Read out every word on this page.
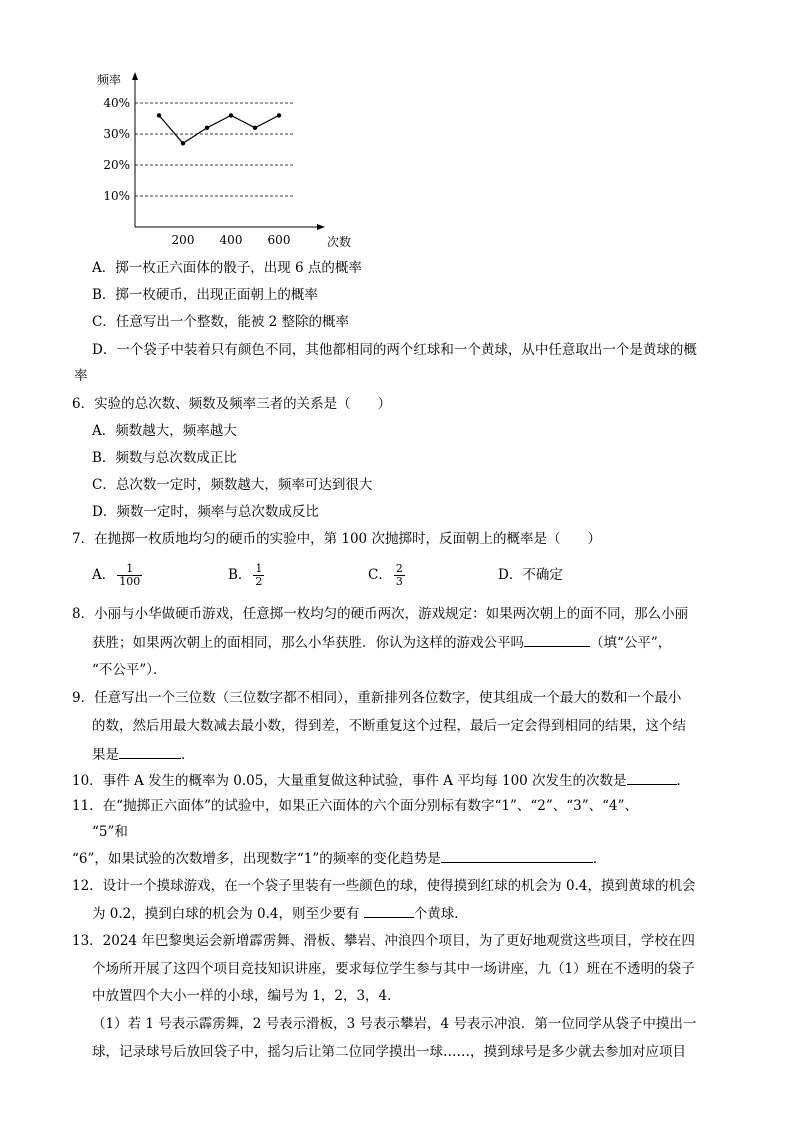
10%
20%
30%
40%
频率
次数
200 400 600
A．掷一枚正六面体的骰子，出现 6 点的概率
B．掷一枚硬币，出现正面朝上的概率
C．任意写出一个整数，能被 2 整除的概率
D．一个袋子中装着只有颜色不同，其他都相同的两个红球和一个黄球，从中任意取出一个是黄球的概
率
6．实验的总次数、频数及频率三者的关系是（　　）
A．频数越大，频率越大
B．频数与总次数成正比
C．总次数一定时，频数越大，频率可达到很大
D．频数一定时，频率与总次数成反比
7．在抛掷一枚质地均匀的硬币的实验中，第 100 次抛掷时，反面朝上的概率是（　　）
A． $\frac{1}{100}$	B． $\frac{1}{2}$	C． $\frac{2}{3}$	D．不确定
8．小丽与小华做硬币游戏，任意掷一枚均匀的硬币两次，游戏规定：如果两次朝上的面不同，那么小丽
获胜；如果两次朝上的面相同，那么小华获胜．你认为这样的游戏公平吗	（填“公平”，
“不公平”）．
9．任意写出一个三位数（三位数字都不相同），重新排列各位数字，使其组成一个最大的数和一个最小
的数，然后用最大数减去最小数，得到差，不断重复这个过程，最后一定会得到相同的结果，这个结
果是	．
10．事件 A 发生的概率为 0.05，大量重复做这种试验，事件 A 平均每 100 次发生的次数是	．
11．在“抛掷正六面体”的试验中，如果正六面体的六个面分别标有数字“1”、“2”、“3”、“4”、
“5”和
“6”，如果试验的次数增多，出现数字“1”的频率的变化趋势是	．
12．设计一个摸球游戏，在一个袋子里装有一些颜色的球，使得摸到红球的机会为 0.4，摸到黄球的机会
为 0.2，摸到白球的机会为 0.4，则至少要有	个黄球．
13．2024 年巴黎奥运会新增霹雳舞、滑板、攀岩、冲浪四个项目，为了更好地观赏这些项目，学校在四
个场所开展了这四个项目竞技知识讲座，要求每位学生参与其中一场讲座，九（1）班在不透明的袋子
中放置四个大小一样的小球，编号为 1，2，3，4．
（1）若 1 号表示霹雳舞，2 号表示滑板，3 号表示攀岩，4 号表示冲浪．第一位同学从袋子中摸出一
球，记录球号后放回袋子中，摇匀后让第二位同学摸出一球……，摸到球号是多少就去参加对应项目
